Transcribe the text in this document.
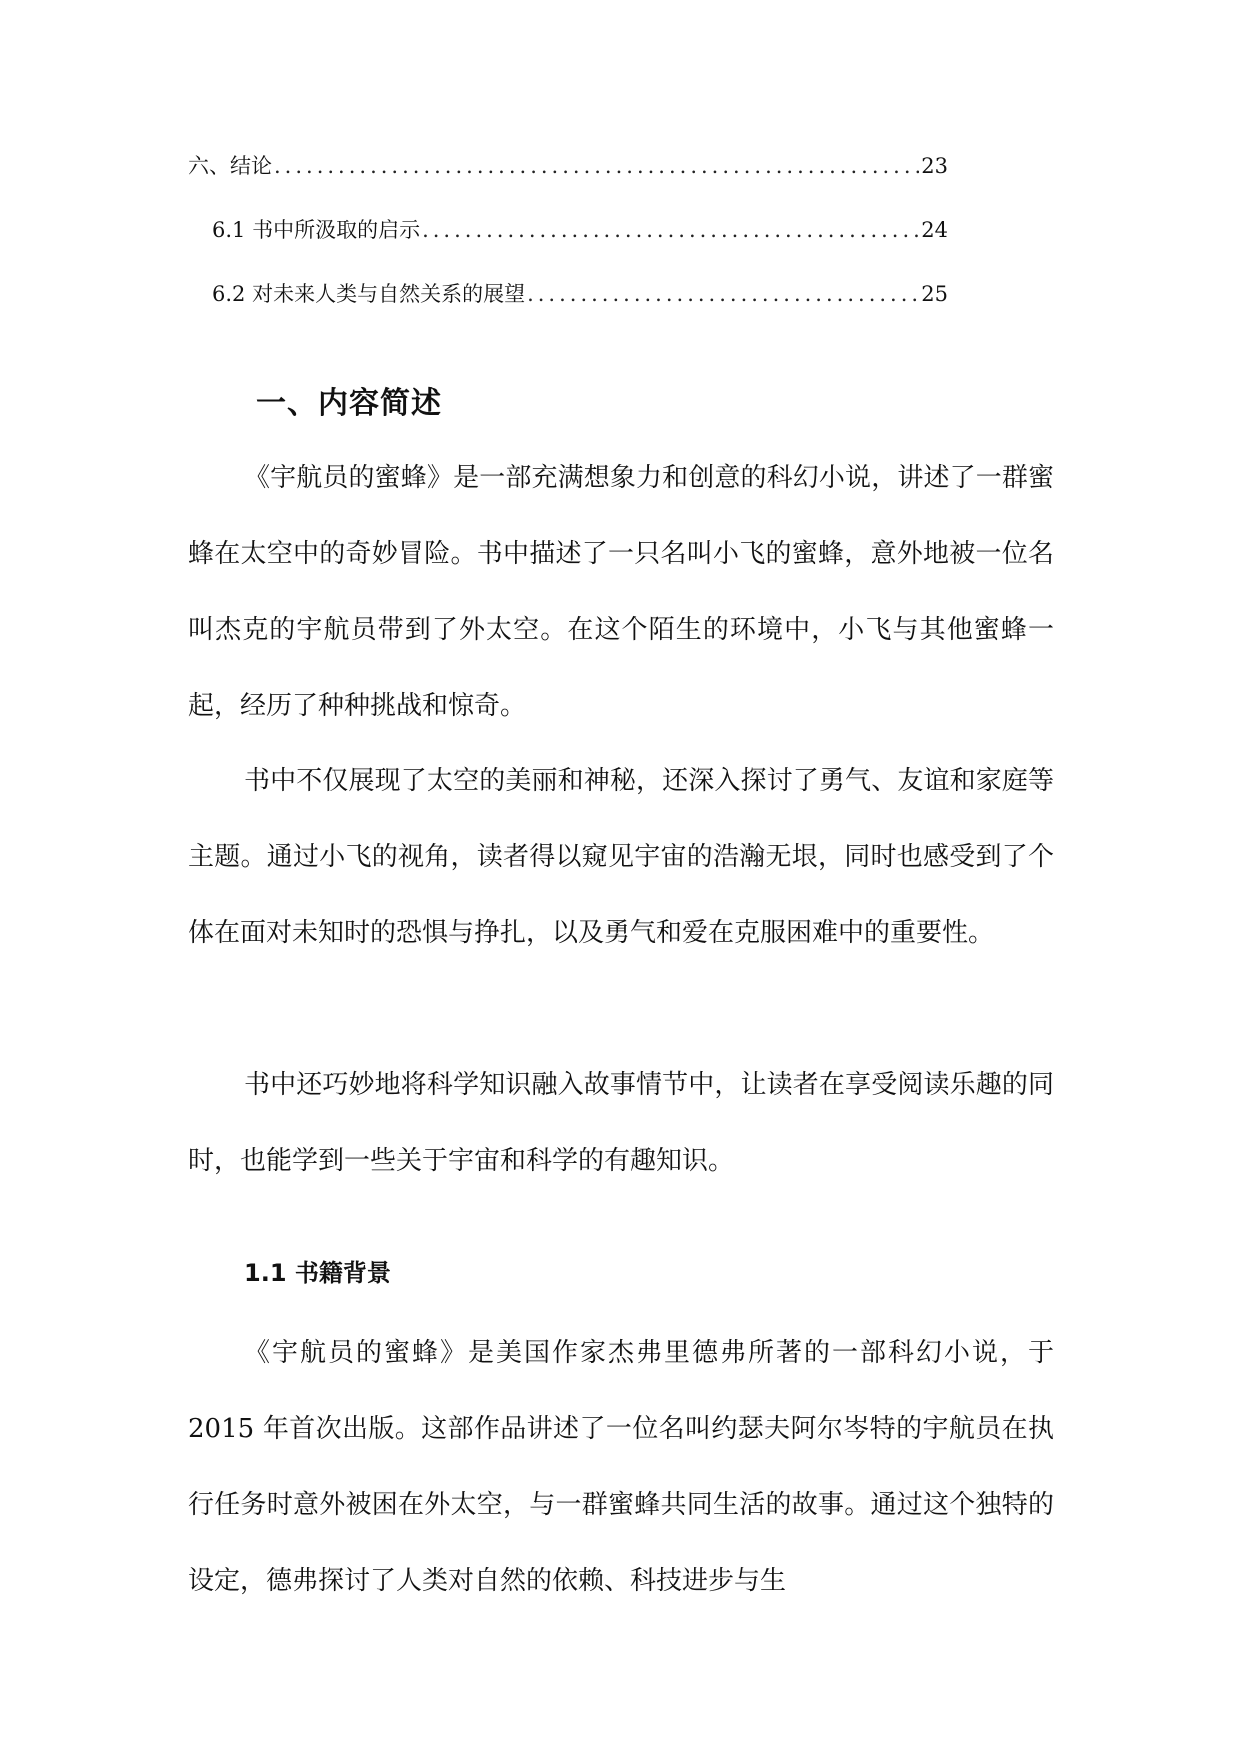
六、结论 .....	23
6.1 书中所汲取的启示 .....	24
6.2 对未来人类与自然关系的展望 .....	25
一、内容简述

《宇航员的蜜蜂》是一部充满想象力和创意的科幻小说，讲述了一群蜜蜂在太空中的奇妙冒险。书中描述了一只名叫小飞的蜜蜂，意外地被一位名叫杰克的宇航员带到了外太空。在这个陌生的环境中，小飞与其他蜜蜂一起，经历了种种挑战和惊奇。

书中不仅展现了太空的美丽和神秘，还深入探讨了勇气、友谊和家庭等主题。通过小飞的视角，读者得以窥见宇宙的浩瀚无垠，同时也感受到了个体在面对未知时的恐惧与挣扎，以及勇气和爱在克服困难中的重要性。

书中还巧妙地将科学知识融入故事情节中，让读者在享受阅读乐趣的同时，也能学到一些关于宇宙和科学的有趣知识。

1.1 书籍背景

《宇航员的蜜蜂》是美国作家杰弗里德弗所著的一部科幻小说，于 2015 年首次出版。这部作品讲述了一位名叫约瑟夫阿尔岑特的宇航员在执行任务时意外被困在外太空，与一群蜜蜂共同生活的故事。通过这个独特的设定，德弗探讨了人类对自然的依赖、科技进步与生
